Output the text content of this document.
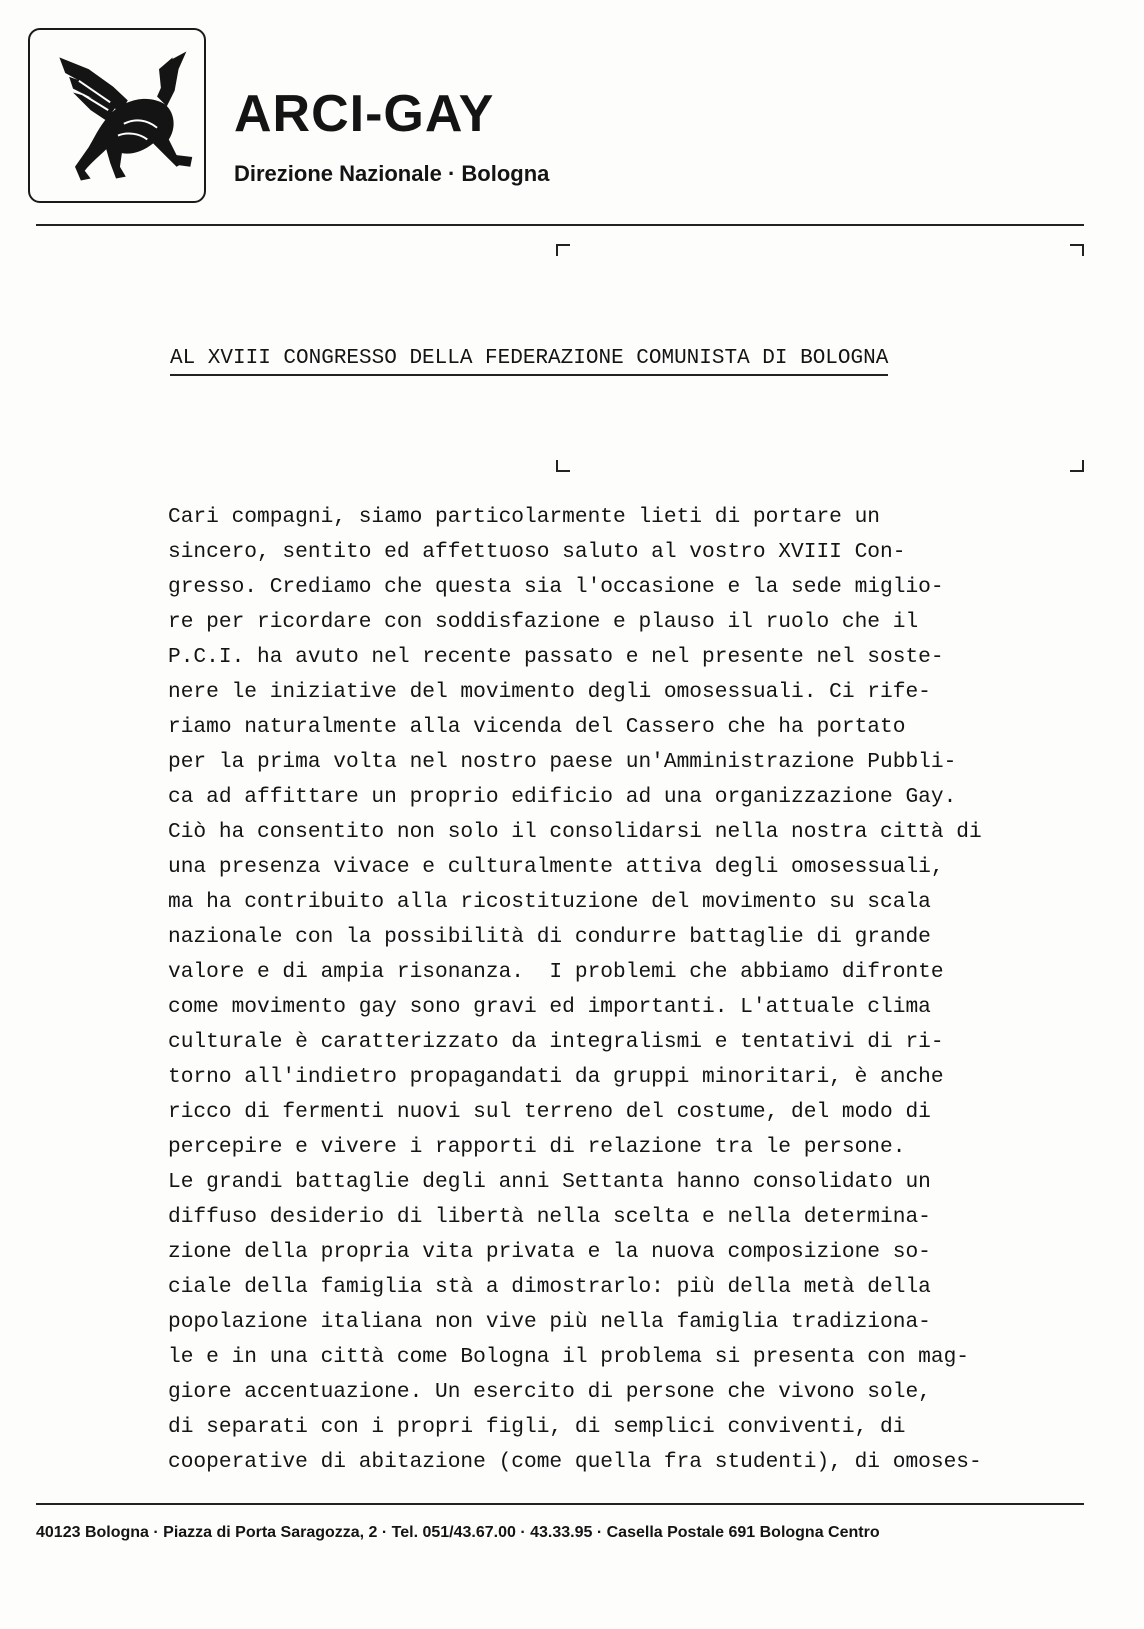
ARCI-GAY
Direzione Nazionale · Bologna
AL XVIII CONGRESSO DELLA FEDERAZIONE COMUNISTA DI BOLOGNA
Cari compagni, siamo particolarmente lieti di portare un
sincero, sentito ed affettuoso saluto al vostro XVIII Con-
gresso. Crediamo che questa sia l'occasione e la sede miglio-
re per ricordare con soddisfazione e plauso il ruolo che il
P.C.I. ha avuto nel recente passato e nel presente nel soste-
nere le iniziative del movimento degli omosessuali. Ci rife-
riamo naturalmente alla vicenda del Cassero che ha portato
per la prima volta nel nostro paese un'Amministrazione Pubbli-
ca ad affittare un proprio edificio ad una organizzazione Gay.
Ciò ha consentito non solo il consolidarsi nella nostra città di
una presenza vivace e culturalmente attiva degli omosessuali,
ma ha contribuito alla ricostituzione del movimento su scala
nazionale con la possibilità di condurre battaglie di grande
valore e di ampia risonanza.  I problemi che abbiamo difronte
come movimento gay sono gravi ed importanti. L'attuale clima
culturale è caratterizzato da integralismi e tentativi di ri-
torno all'indietro propagandati da gruppi minoritari, è anche
ricco di fermenti nuovi sul terreno del costume, del modo di
percepire e vivere i rapporti di relazione tra le persone.
Le grandi battaglie degli anni Settanta hanno consolidato un
diffuso desiderio di libertà nella scelta e nella determina-
zione della propria vita privata e la nuova composizione so-
ciale della famiglia stà a dimostrarlo: più della metà della
popolazione italiana non vive più nella famiglia tradiziona-
le e in una città come Bologna il problema si presenta con mag-
giore accentuazione. Un esercito di persone che vivono sole,
di separati con i propri figli, di semplici conviventi, di
cooperative di abitazione (come quella fra studenti), di omoses-
40123 Bologna · Piazza di Porta Saragozza, 2 · Tel. 051/43.67.00 · 43.33.95 · Casella Postale 691 Bologna Centro
